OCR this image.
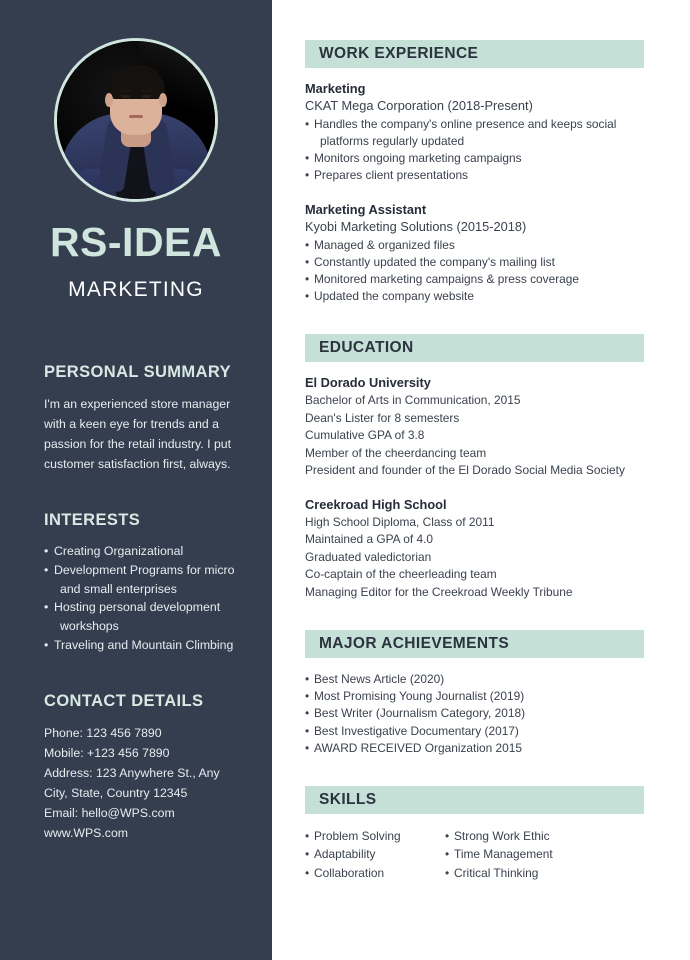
RS-IDEA
MARKETING
PERSONAL SUMMARY
I'm an experienced store manager with a keen eye for trends and a passion for the retail industry. I put customer satisfaction first, always.
INTERESTS
• Creating Organizational
• Development Programs for micro
and small enterprises
• Hosting personal development
workshops
• Traveling and Mountain Climbing
CONTACT DETAILS
Phone: 123 456 7890
Mobile: +123 456 7890
Address: 123 Anywhere St., Any
City, State, Country 12345
Email: hello@WPS.com
www.WPS.com
WORK EXPERIENCE
Marketing
CKAT Mega Corporation (2018-Present)
• Handles the company's online presence and keeps social
platforms regularly updated
• Monitors ongoing marketing campaigns
• Prepares client presentations
Marketing Assistant
Kyobi Marketing Solutions (2015-2018)
• Managed & organized files
• Constantly updated the company's mailing list
• Monitored marketing campaigns & press coverage
• Updated the company website
EDUCATION
El Dorado University
Bachelor of Arts in Communication, 2015
Dean's Lister for 8 semesters
Cumulative GPA of 3.8
Member of the cheerdancing team
President and founder of the El Dorado Social Media Society
Creekroad High School
High School Diploma, Class of 2011
Maintained a GPA of 4.0
Graduated valedictorian
Co-captain of the cheerleading team
Managing Editor for the Creekroad Weekly Tribune
MAJOR ACHIEVEMENTS
• Best News Article (2020)
• Most Promising Young Journalist (2019)
• Best Writer (Journalism Category, 2018)
• Best Investigative Documentary (2017)
• AWARD RECEIVED Organization 2015
SKILLS
• Problem Solving
• Adaptability
• Collaboration
• Strong Work Ethic
• Time Management
• Critical Thinking
